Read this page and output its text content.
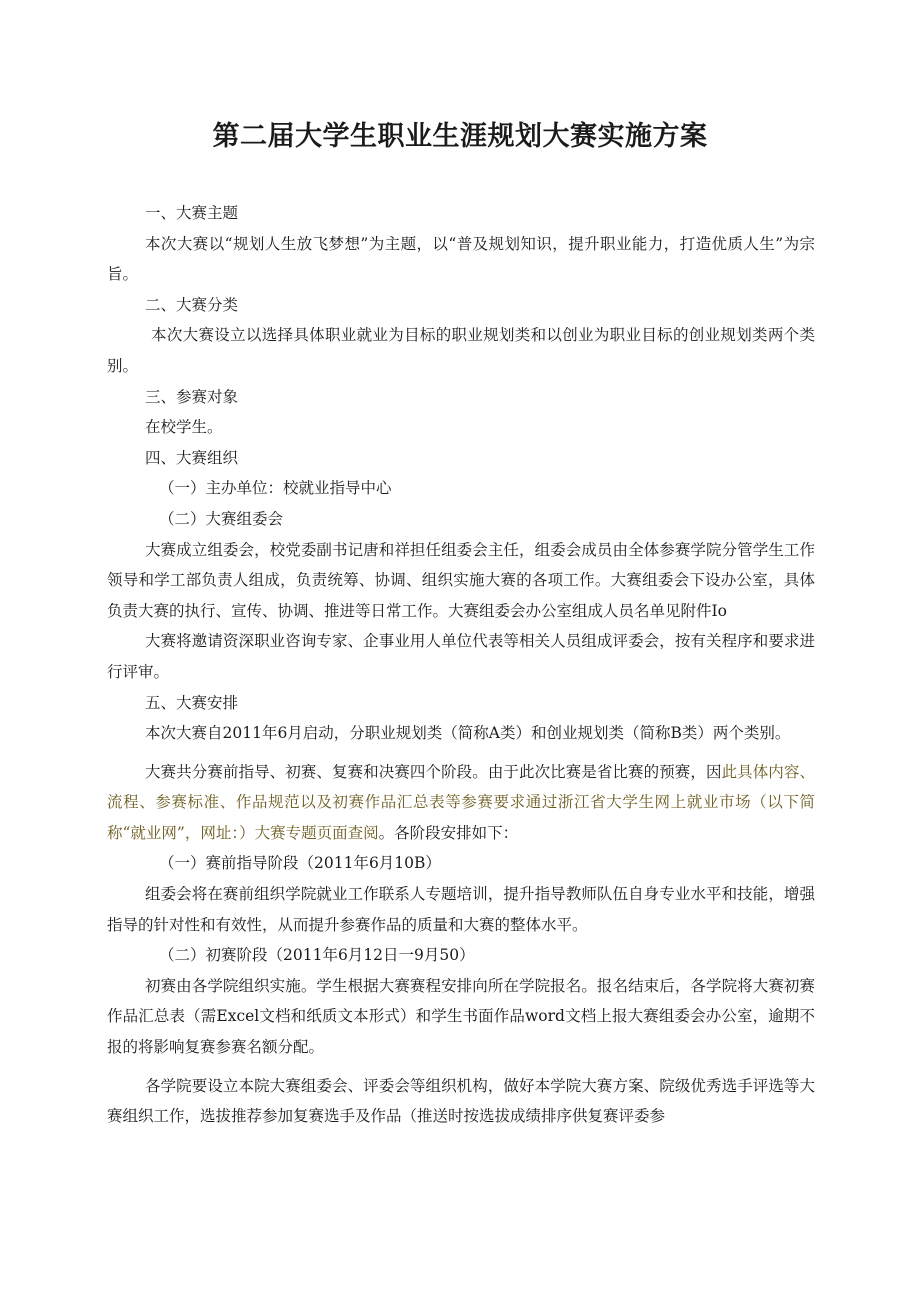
第二届大学生职业生涯规划大赛实施方案

一、大赛主题

本次大赛以“规划人生放飞梦想”为主题，以“普及规划知识，提升职业能力，打造优质人生”为宗旨。

二、大赛分类

本次大赛设立以选择具体职业就业为目标的职业规划类和以创业为职业目标的创业规划类两个类别。

三、参赛对象

在校学生。

四、大赛组织

（一）主办单位：校就业指导中心

（二）大赛组委会

大赛成立组委会，校党委副书记唐和祥担任组委会主任，组委会成员由全体参赛学院分管学生工作领导和学工部负责人组成，负责统筹、协调、组织实施大赛的各项工作。大赛组委会下设办公室，具体负责大赛的执行、宣传、协调、推进等日常工作。大赛组委会办公室组成人员名单见附件Io

大赛将邀请资深职业咨询专家、企事业用人单位代表等相关人员组成评委会，按有关程序和要求进行评审。

五、大赛安排

本次大赛自2011年6月启动，分职业规划类（简称A类）和创业规划类（简称B类）两个类别。

大赛共分赛前指导、初赛、复赛和决赛四个阶段。由于此次比赛是省比赛的预赛，因此具体内容、流程、参赛标准、作品规范以及初赛作品汇总表等参赛要求通过浙江省大学生网上就业市场（以下简称“就业网”，网址：）大赛专题页面查阅。各阶段安排如下：

（一）赛前指导阶段（2011年6月10B）

组委会将在赛前组织学院就业工作联系人专题培训，提升指导教师队伍自身专业水平和技能，增强指导的针对性和有效性，从而提升参赛作品的质量和大赛的整体水平。

（二）初赛阶段（2011年6月12日一9月50）

初赛由各学院组织实施。学生根据大赛赛程安排向所在学院报名。报名结束后，各学院将大赛初赛作品汇总表（需Excel文档和纸质文本形式）和学生书面作品word文档上报大赛组委会办公室，逾期不报的将影响复赛参赛名额分配。

各学院要设立本院大赛组委会、评委会等组织机构，做好本学院大赛方案、院级优秀选手评选等大赛组织工作，选拔推荐参加复赛选手及作品（推送时按选拔成绩排序供复赛评委参
